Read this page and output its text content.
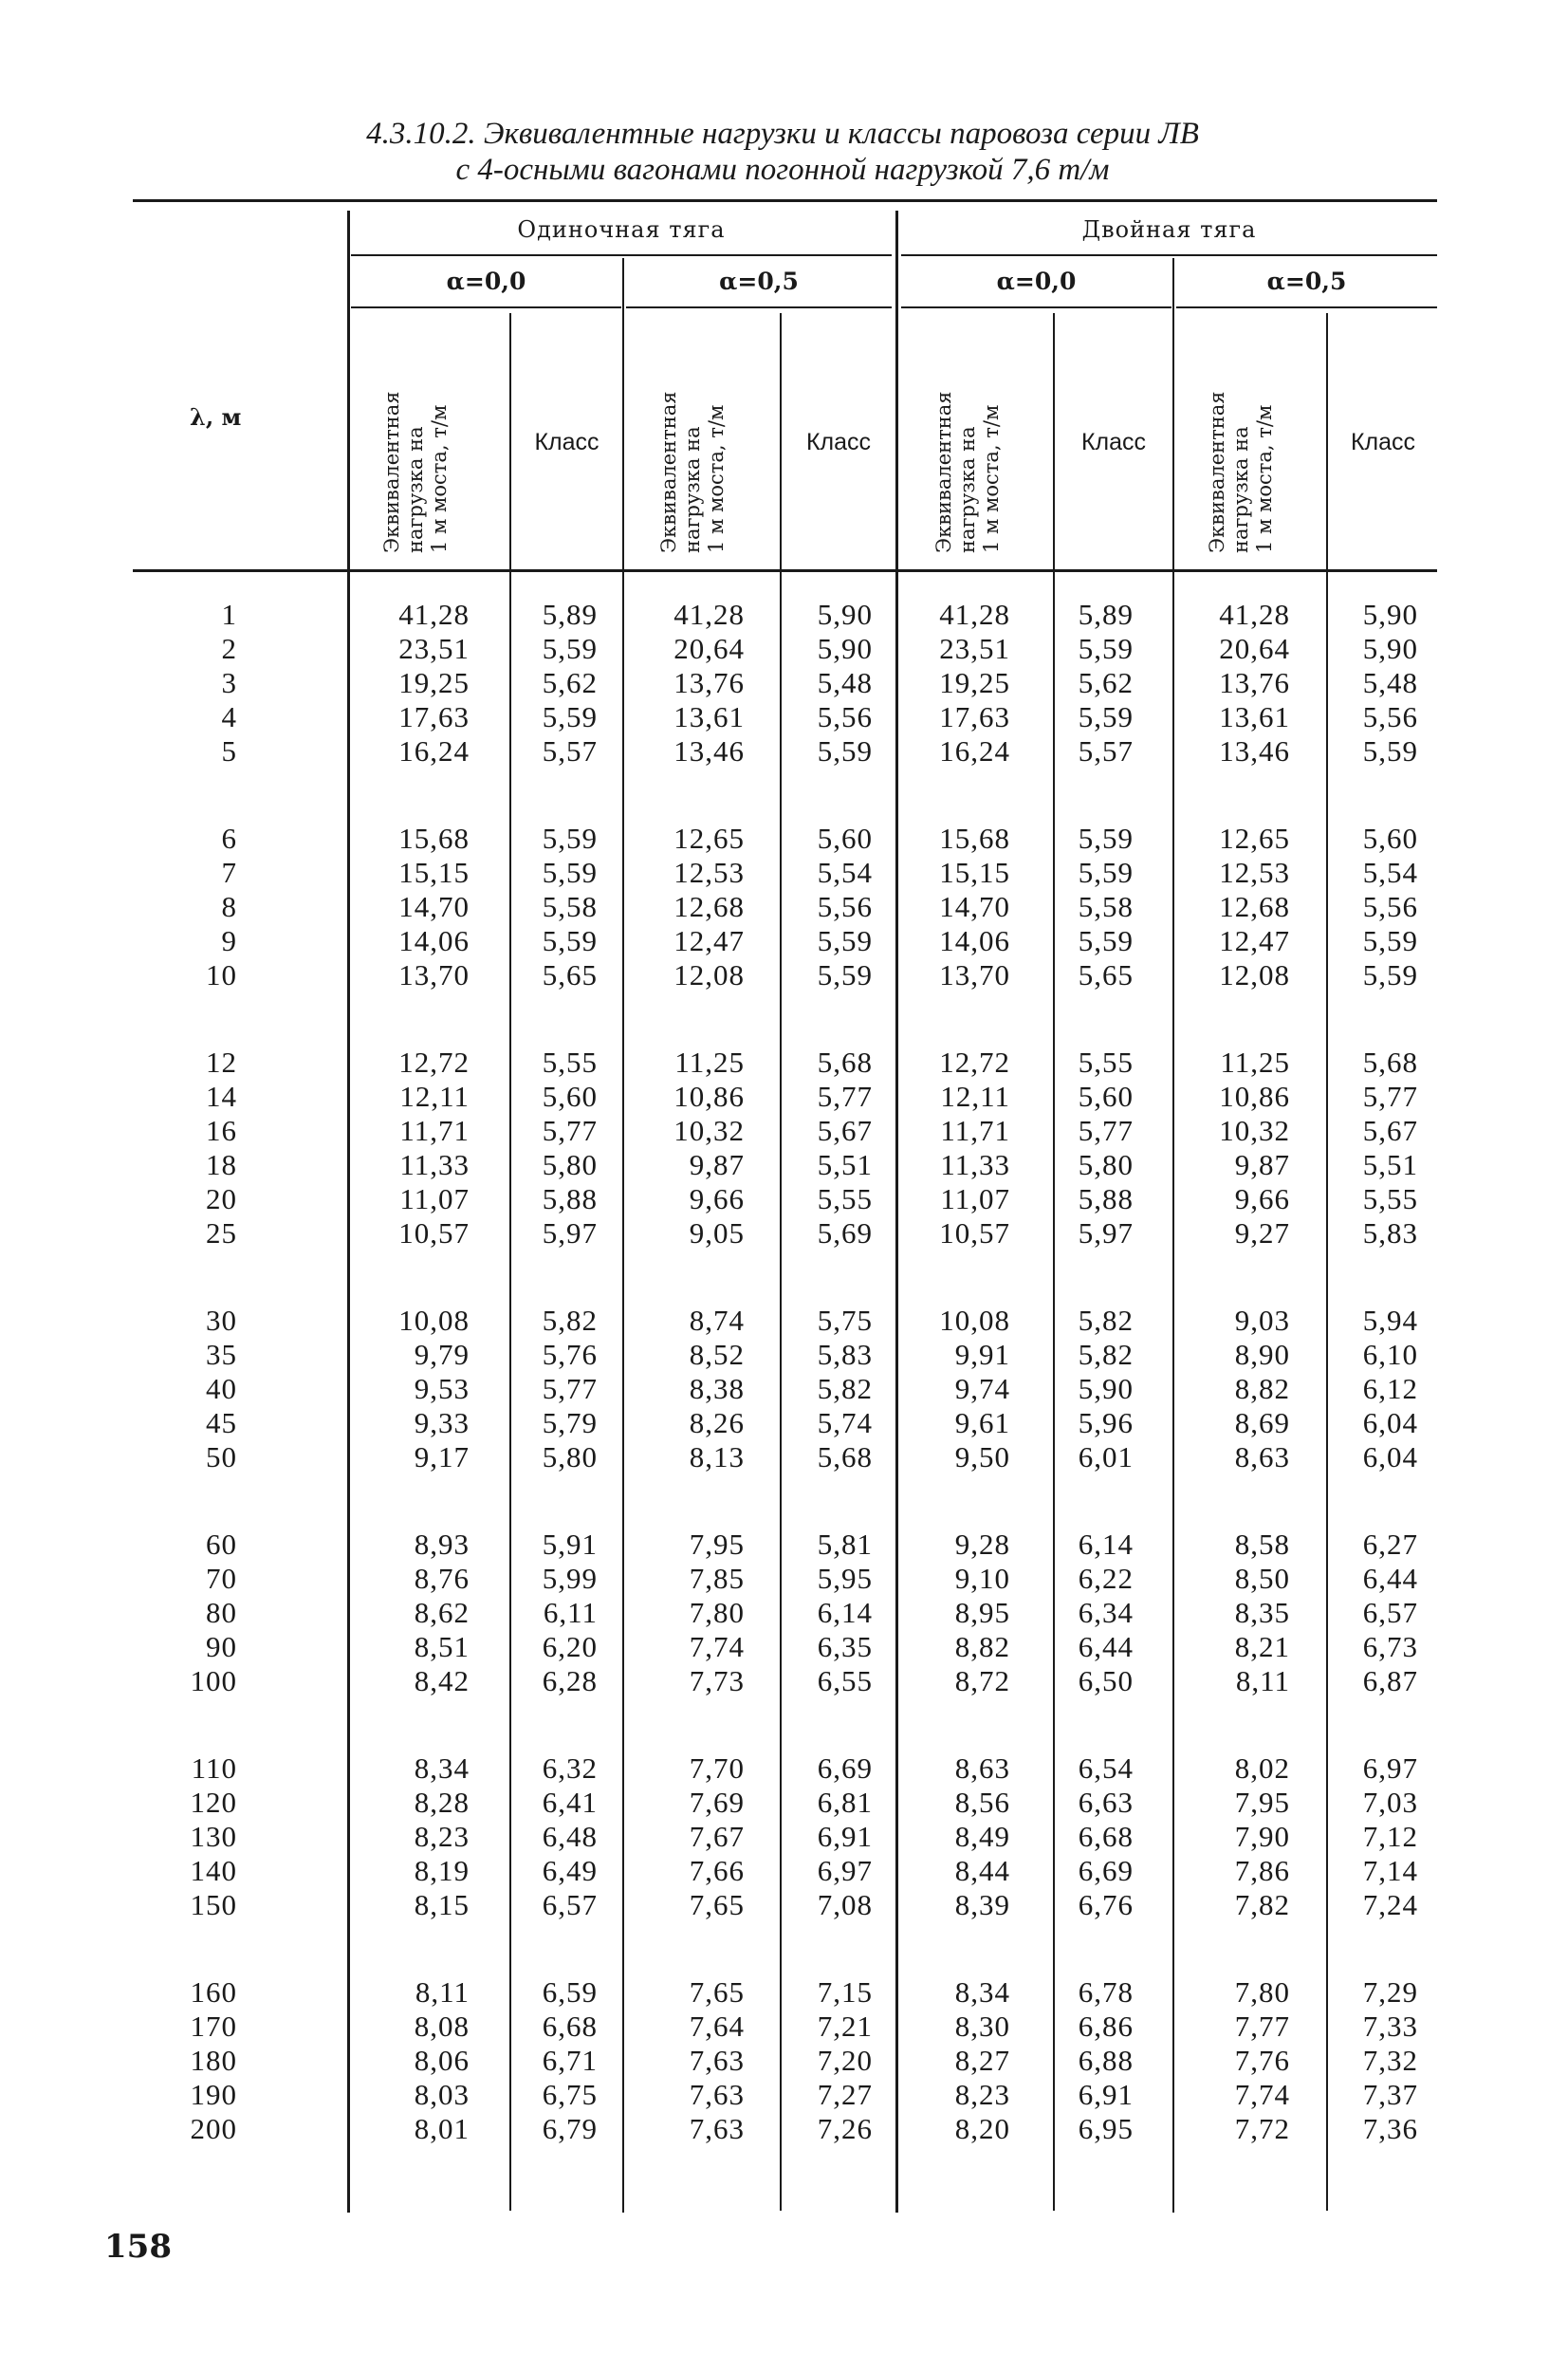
4.3.10.2. Эквивалентные нагрузки и классы паровоза серии ЛВ
с 4-осными вагонами погонной нагрузкой 7,6 т/м
Одиночная тяга	Двойная тяга
α=0,0	α=0,5	α=0,0	α=0,5
λ, м	Эквивалентная нагрузка на 1 м моста, т/м	Эквивалентная нагрузка на 1 м моста, т/м	Эквивалентная нагрузка на 1 м моста, т/м	Эквивалентная нагрузка на 1 м моста, т/м
Класс	Класс	Класс	Класс
1	41,28	5,89	41,28	5,90	41,28	5,89	41,28	5,90
2	23,51	5,59	20,64	5,90	23,51	5,59	20,64	5,90
3	19,25	5,62	13,76	5,48	19,25	5,62	13,76	5,48
4	17,63	5,59	13,61	5,56	17,63	5,59	13,61	5,56
5	16,24	5,57	13,46	5,59	16,24	5,57	13,46	5,59
6	15,68	5,59	12,65	5,60	15,68	5,59	12,65	5,60
7	15,15	5,59	12,53	5,54	15,15	5,59	12,53	5,54
8	14,70	5,58	12,68	5,56	14,70	5,58	12,68	5,56
9	14,06	5,59	12,47	5,59	14,06	5,59	12,47	5,59
10	13,70	5,65	12,08	5,59	13,70	5,65	12,08	5,59
12	12,72	5,55	11,25	5,68	12,72	5,55	11,25	5,68
14	12,11	5,60	10,86	5,77	12,11	5,60	10,86	5,77
16	11,71	5,77	10,32	5,67	11,71	5,77	10,32	5,67
18	11,33	5,80	9,87	5,51	11,33	5,80	9,87	5,51
20	11,07	5,88	9,66	5,55	11,07	5,88	9,66	5,55
25	10,57	5,97	9,05	5,69	10,57	5,97	9,27	5,83
30	10,08	5,82	8,74	5,75	10,08	5,82	9,03	5,94
35	9,79	5,76	8,52	5,83	9,91	5,82	8,90	6,10
40	9,53	5,77	8,38	5,82	9,74	5,90	8,82	6,12
45	9,33	5,79	8,26	5,74	9,61	5,96	8,69	6,04
50	9,17	5,80	8,13	5,68	9,50	6,01	8,63	6,04
60	8,93	5,91	7,95	5,81	9,28	6,14	8,58	6,27
70	8,76	5,99	7,85	5,95	9,10	6,22	8,50	6,44
80	8,62	6,11	7,80	6,14	8,95	6,34	8,35	6,57
90	8,51	6,20	7,74	6,35	8,82	6,44	8,21	6,73
100	8,42	6,28	7,73	6,55	8,72	6,50	8,11	6,87
110	8,34	6,32	7,70	6,69	8,63	6,54	8,02	6,97
120	8,28	6,41	7,69	6,81	8,56	6,63	7,95	7,03
130	8,23	6,48	7,67	6,91	8,49	6,68	7,90	7,12
140	8,19	6,49	7,66	6,97	8,44	6,69	7,86	7,14
150	8,15	6,57	7,65	7,08	8,39	6,76	7,82	7,24
160	8,11	6,59	7,65	7,15	8,34	6,78	7,80	7,29
170	8,08	6,68	7,64	7,21	8,30	6,86	7,77	7,33
180	8,06	6,71	7,63	7,20	8,27	6,88	7,76	7,32
190	8,03	6,75	7,63	7,27	8,23	6,91	7,74	7,37
200	8,01	6,79	7,63	7,26	8,20	6,95	7,72	7,36
158
